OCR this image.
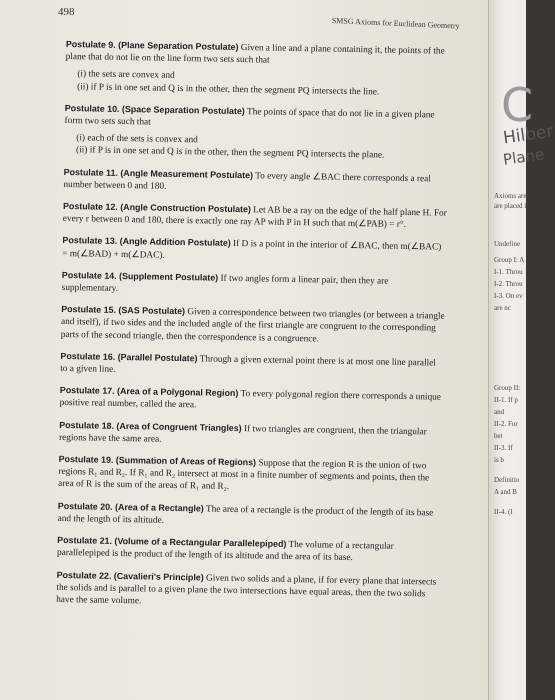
498
SMSG Axioms for Euclidean Geometry
Postulate 9. (Plane Separation Postulate) Given a line and a plane containing it, the points of the plane that do not lie on the line form two sets such that

(i) the sets are convex and

(ii) if P is in one set and Q is in the other, then the segment PQ intersects the line.

Postulate 10. (Space Separation Postulate) The points of space that do not lie in a given plane form two sets such that

(i) each of the sets is convex and

(ii) if P is in one set and Q is in the other, then the segment PQ intersects the plane.

Postulate 11. (Angle Measurement Postulate) To every angle ∠BAC there corresponds a real number between 0 and 180.
Postulate 12. (Angle Construction Postulate) Let AB be a ray on the edge of the half plane H. For every r between 0 and 180, there is exactly one ray AP with P in H such that m(∠PAB) = r°.
Postulate 13. (Angle Addition Postulate) If D is a point in the interior of ∠BAC, then m(∠BAC) = m(∠BAD) + m(∠DAC).
Postulate 14. (Supplement Postulate) If two angles form a linear pair, then they are supplementary.
Postulate 15. (SAS Postulate) Given a correspondence between two triangles (or between a triangle and itself), if two sides and the included angle of the first triangle are congruent to the corresponding parts of the second triangle, then the correspondence is a congruence.
Postulate 16. (Parallel Postulate) Through a given external point there is at most one line parallel to a given line.
Postulate 17. (Area of a Polygonal Region) To every polygonal region there corresponds a unique positive real number, called the area.
Postulate 18. (Area of Congruent Triangles) If two triangles are congruent, then the triangular regions have the same area.
Postulate 19. (Summation of Areas of Regions) Suppose that the region R is the union of two regions R₁ and R₂. If R₁ and R₂ intersect at most in a finite number of segments and points, then the area of R is the sum of the areas of R₁ and R₂.
Postulate 20. (Area of a Rectangle) The area of a rectangle is the product of the length of its base and the length of its altitude.
Postulate 21. (Volume of a Rectangular Parallelepiped) The volume of a rectangular parallelepiped is the product of the length of its altitude and the area of its base.
Postulate 22. (Cavalieri's Principle) Given two solids and a plane, if for every plane that intersects the solids and is parallel to a given plane the two intersections have equal areas, then the two solids have the same volume.
C
Hilber
Plane
Axioms are
are placed ir
Undefine
Group I: A
I-1. Throu
I-2. Throu
I-3. On ev
are nc
Group II:
II-1. If p
and
II-2. For
bet
II-3. If
is b
Definitio
A and B
II-4. (I
